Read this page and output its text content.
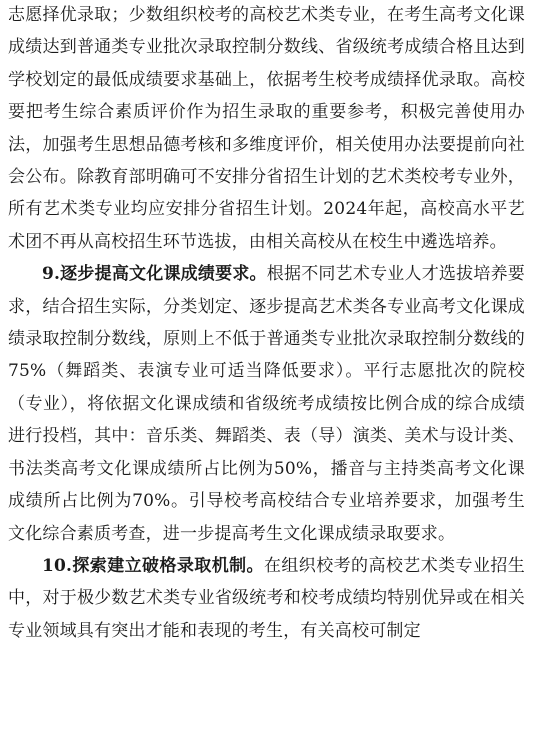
志愿择优录取；少数组织校考的高校艺术类专业，在考生高考文化课成绩达到普通类专业批次录取控制分数线、省级统考成绩合格且达到学校划定的最低成绩要求基础上，依据考生校考成绩择优录取。高校要把考生综合素质评价作为招生录取的重要参考，积极完善使用办法，加强考生思想品德考核和多维度评价，相关使用办法要提前向社会公布。除教育部明确可不安排分省招生计划的艺术类校考专业外，所有艺术类专业均应安排分省招生计划。2024年起，高校高水平艺术团不再从高校招生环节选拔，由相关高校从在校生中遴选培养。

9.逐步提高文化课成绩要求。根据不同艺术专业人才选拔培养要求，结合招生实际，分类划定、逐步提高艺术类各专业高考文化课成绩录取控制分数线，原则上不低于普通类专业批次录取控制分数线的75%（舞蹈类、表演专业可适当降低要求）。平行志愿批次的院校（专业），将依据文化课成绩和省级统考成绩按比例合成的综合成绩进行投档，其中：音乐类、舞蹈类、表（导）演类、美术与设计类、书法类高考文化课成绩所占比例为50%，播音与主持类高考文化课成绩所占比例为70%。引导校考高校结合专业培养要求，加强考生文化综合素质考查，进一步提高考生文化课成绩录取要求。

10.探索建立破格录取机制。在组织校考的高校艺术类专业招生中，对于极少数艺术类专业省级统考和校考成绩均特别优异或在相关专业领域具有突出才能和表现的考生，有关高校可制定
